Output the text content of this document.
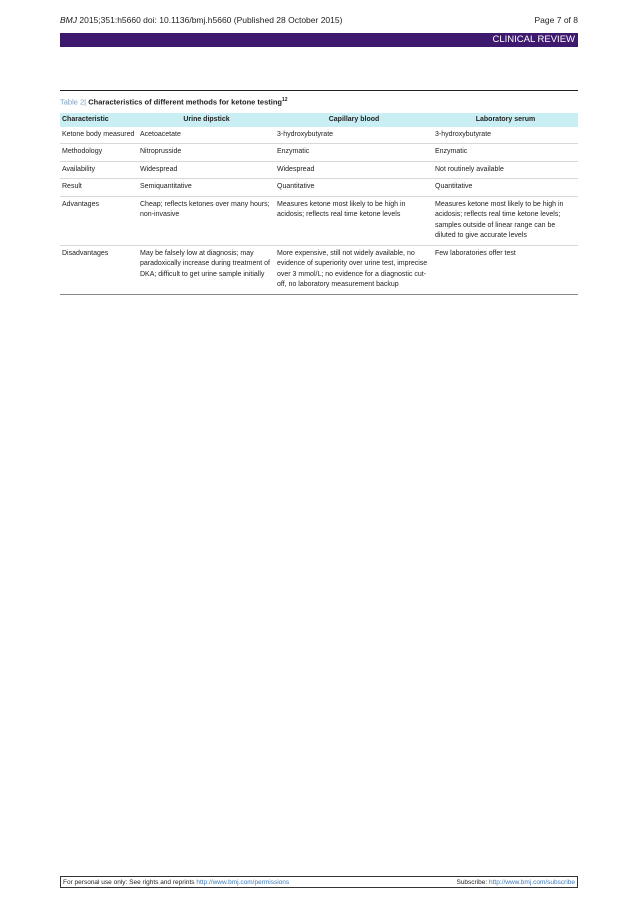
BMJ 2015;351:h5660 doi: 10.1136/bmj.h5660 (Published 28 October 2015)	Page 7 of 8
CLINICAL REVIEW
Table 2| Characteristics of different methods for ketone testing$^{12}$
Characteristic	Urine dipstick	Capillary blood	Laboratory serum
Ketone body measured	Acetoacetate	3-hydroxybutyrate	3-hydroxybutyrate
Methodology	Nitroprusside	Enzymatic	Enzymatic
Availability	Widespread	Widespread	Not routinely available
Result	Semiquantitative	Quantitative	Quantitative
Advantages	Cheap; reflects ketones over many hours; non-invasive	Measures ketone most likely to be high in acidosis; reflects real time ketone levels	Measures ketone most likely to be high in acidosis; reflects real time ketone levels; samples outside of linear range can be diluted to give accurate levels
Disadvantages	May be falsely low at diagnosis; may paradoxically increase during treatment of DKA; difficult to get urine sample initially	More expensive, still not widely available, no evidence of superiority over urine test, imprecise over 3 mmol/L; no evidence for a diagnostic cut-off, no laboratory measurement backup	Few laboratories offer test
For personal use only: See rights and reprints http://www.bmj.com/permissions	Subscribe: http://www.bmj.com/subscribe
